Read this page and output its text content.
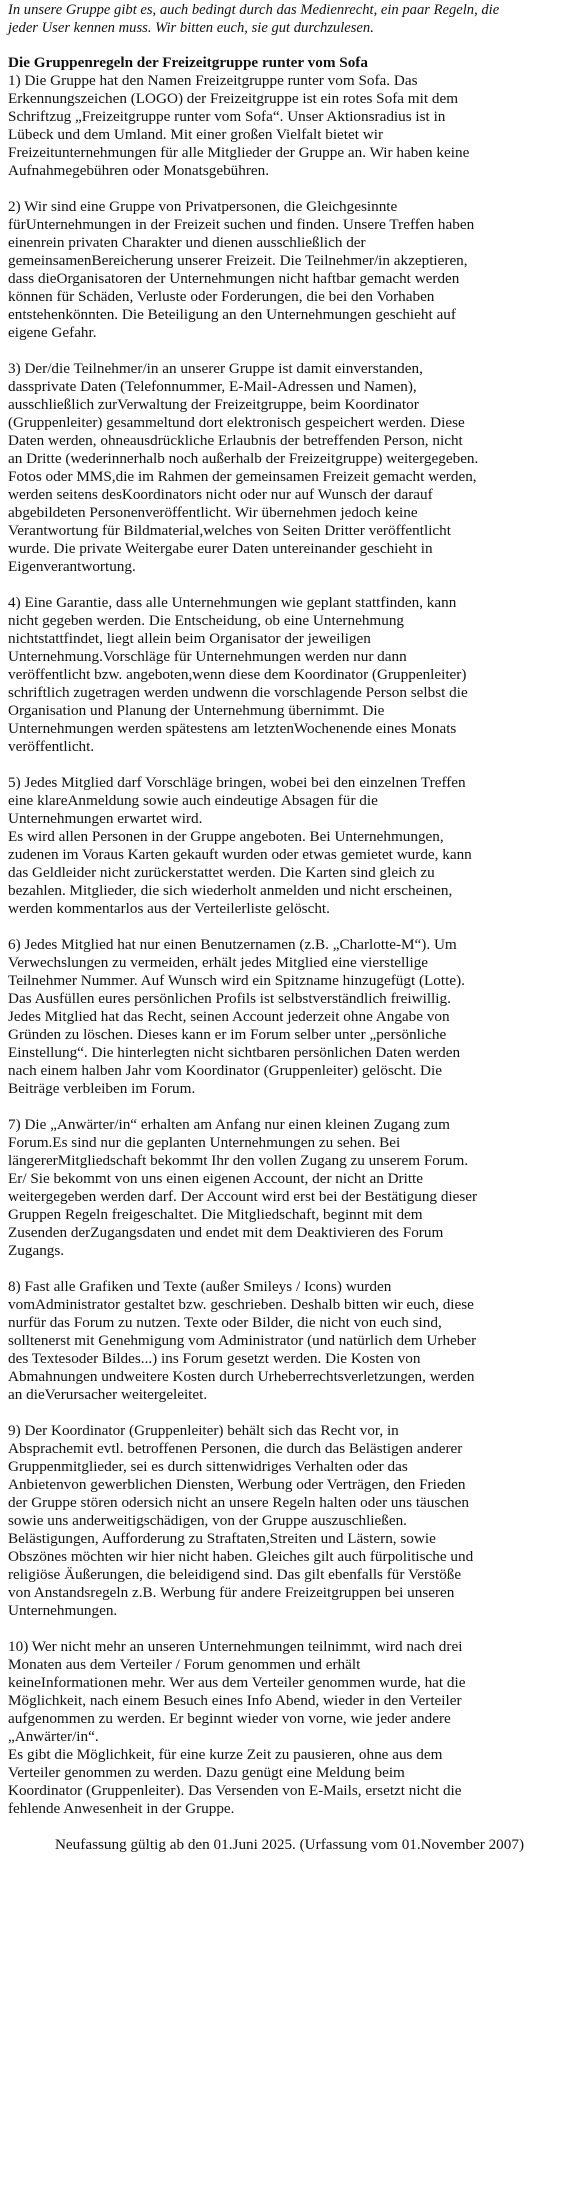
In unsere Gruppe gibt es, auch bedingt durch das Medienrecht, ein paar Regeln, die
jeder User kennen muss. Wir bitten euch, sie gut durchzulesen.

Die Gruppenregeln der Freizeitgruppe runter vom Sofa

1) Die Gruppe hat den Namen Freizeitgruppe runter vom Sofa. Das
Erkennungszeichen (LOGO) der Freizeitgruppe ist ein rotes Sofa mit dem
Schriftzug „Freizeitgruppe runter vom Sofa“. Unser Aktionsradius ist in
Lübeck und dem Umland. Mit einer großen Vielfalt bietet wir
Freizeitunternehmungen für alle Mitglieder der Gruppe an. Wir haben keine
Aufnahmegebühren oder Monatsgebühren.

2) Wir sind eine Gruppe von Privatpersonen, die Gleichgesinnte
fürUnternehmungen in der Freizeit suchen und finden. Unsere Treffen haben
einenrein privaten Charakter und dienen ausschließlich der
gemeinsamenBereicherung unserer Freizeit. Die Teilnehmer/in akzeptieren,
dass dieOrganisatoren der Unternehmungen nicht haftbar gemacht werden
können für Schäden, Verluste oder Forderungen, die bei den Vorhaben
entstehenkönnten. Die Beteiligung an den Unternehmungen geschieht auf
eigene Gefahr.

3) Der/die Teilnehmer/in an unserer Gruppe ist damit einverstanden,
dassprivate Daten (Telefonnummer, E-Mail-Adressen und Namen),
ausschließlich zurVerwaltung der Freizeitgruppe, beim Koordinator
(Gruppenleiter) gesammeltund dort elektronisch gespeichert werden. Diese
Daten werden, ohneausdrückliche Erlaubnis der betreffenden Person, nicht
an Dritte (wederinnerhalb noch außerhalb der Freizeitgruppe) weitergegeben.
Fotos oder MMS,die im Rahmen der gemeinsamen Freizeit gemacht werden,
werden seitens desKoordinators nicht oder nur auf Wunsch der darauf
abgebildeten Personenveröffentlicht. Wir übernehmen jedoch keine
Verantwortung für Bildmaterial,welches von Seiten Dritter veröffentlicht
wurde. Die private Weitergabe eurer Daten untereinander geschieht in
Eigenverantwortung.

4) Eine Garantie, dass alle Unternehmungen wie geplant stattfinden, kann
nicht gegeben werden. Die Entscheidung, ob eine Unternehmung
nichtstattfindet, liegt allein beim Organisator der jeweiligen
Unternehmung.Vorschläge für Unternehmungen werden nur dann
veröffentlicht bzw. angeboten,wenn diese dem Koordinator (Gruppenleiter)
schriftlich zugetragen werden undwenn die vorschlagende Person selbst die
Organisation und Planung der Unternehmung übernimmt. Die
Unternehmungen werden spätestens am letztenWochenende eines Monats
veröffentlicht.

5) Jedes Mitglied darf Vorschläge bringen, wobei bei den einzelnen Treffen
eine klareAnmeldung sowie auch eindeutige Absagen für die
Unternehmungen erwartet wird.
Es wird allen Personen in der Gruppe angeboten. Bei Unternehmungen,
zudenen im Voraus Karten gekauft wurden oder etwas gemietet wurde, kann
das Geldleider nicht zurückerstattet werden. Die Karten sind gleich zu
bezahlen. Mitglieder, die sich wiederholt anmelden und nicht erscheinen,
werden kommentarlos aus der Verteilerliste gelöscht.

6) Jedes Mitglied hat nur einen Benutzernamen (z.B. „Charlotte-M“). Um
Verwechslungen zu vermeiden, erhält jedes Mitglied eine vierstellige
Teilnehmer Nummer. Auf Wunsch wird ein Spitzname hinzugefügt (Lotte).
Das Ausfüllen eures persönlichen Profils ist selbstverständlich freiwillig.
Jedes Mitglied hat das Recht, seinen Account jederzeit ohne Angabe von
Gründen zu löschen. Dieses kann er im Forum selber unter „persönliche
Einstellung“. Die hinterlegten nicht sichtbaren persönlichen Daten werden
nach einem halben Jahr vom Koordinator (Gruppenleiter) gelöscht. Die
Beiträge verbleiben im Forum.

7) Die „Anwärter/in“ erhalten am Anfang nur einen kleinen Zugang zum
Forum.Es sind nur die geplanten Unternehmungen zu sehen. Bei
längererMitgliedschaft bekommt Ihr den vollen Zugang zu unserem Forum.
Er/ Sie bekommt von uns einen eigenen Account, der nicht an Dritte
weitergegeben werden darf. Der Account wird erst bei der Bestätigung dieser
Gruppen Regeln freigeschaltet. Die Mitgliedschaft, beginnt mit dem
Zusenden derZugangsdaten und endet mit dem Deaktivieren des Forum
Zugangs.

8) Fast alle Grafiken und Texte (außer Smileys / Icons) wurden
vomAdministrator gestaltet bzw. geschrieben. Deshalb bitten wir euch, diese
nurfür das Forum zu nutzen. Texte oder Bilder, die nicht von euch sind,
solltenerst mit Genehmigung vom Administrator (und natürlich dem Urheber
des Textesoder Bildes...) ins Forum gesetzt werden. Die Kosten von
Abmahnungen undweitere Kosten durch Urheberrechtsverletzungen, werden
an dieVerursacher weitergeleitet.

9) Der Koordinator (Gruppenleiter) behält sich das Recht vor, in
Absprachemit evtl. betroffenen Personen, die durch das Belästigen anderer
Gruppenmitglieder, sei es durch sittenwidriges Verhalten oder das
Anbietenvon gewerblichen Diensten, Werbung oder Verträgen, den Frieden
der Gruppe stören odersich nicht an unsere Regeln halten oder uns täuschen
sowie uns anderweitigschädigen, von der Gruppe auszuschließen.
Belästigungen, Aufforderung zu Straftaten,Streiten und Lästern, sowie
Obszönes möchten wir hier nicht haben. Gleiches gilt auch fürpolitische und
religiöse Äußerungen, die beleidigend sind. Das gilt ebenfalls für Verstöße
von Anstandsregeln z.B. Werbung für andere Freizeitgruppen bei unseren
Unternehmungen.

10) Wer nicht mehr an unseren Unternehmungen teilnimmt, wird nach drei
Monaten aus dem Verteiler / Forum genommen und erhält
keineInformationen mehr. Wer aus dem Verteiler genommen wurde, hat die
Möglichkeit, nach einem Besuch eines Info Abend, wieder in den Verteiler
aufgenommen zu werden. Er beginnt wieder von vorne, wie jeder andere
„Anwärter/in“.
Es gibt die Möglichkeit, für eine kurze Zeit zu pausieren, ohne aus dem
Verteiler genommen zu werden. Dazu genügt eine Meldung beim
Koordinator (Gruppenleiter). Das Versenden von E-Mails, ersetzt nicht die
fehlende Anwesenheit in der Gruppe.

Neufassung gültig ab den 01.Juni 2025. (Urfassung vom 01.November 2007)
